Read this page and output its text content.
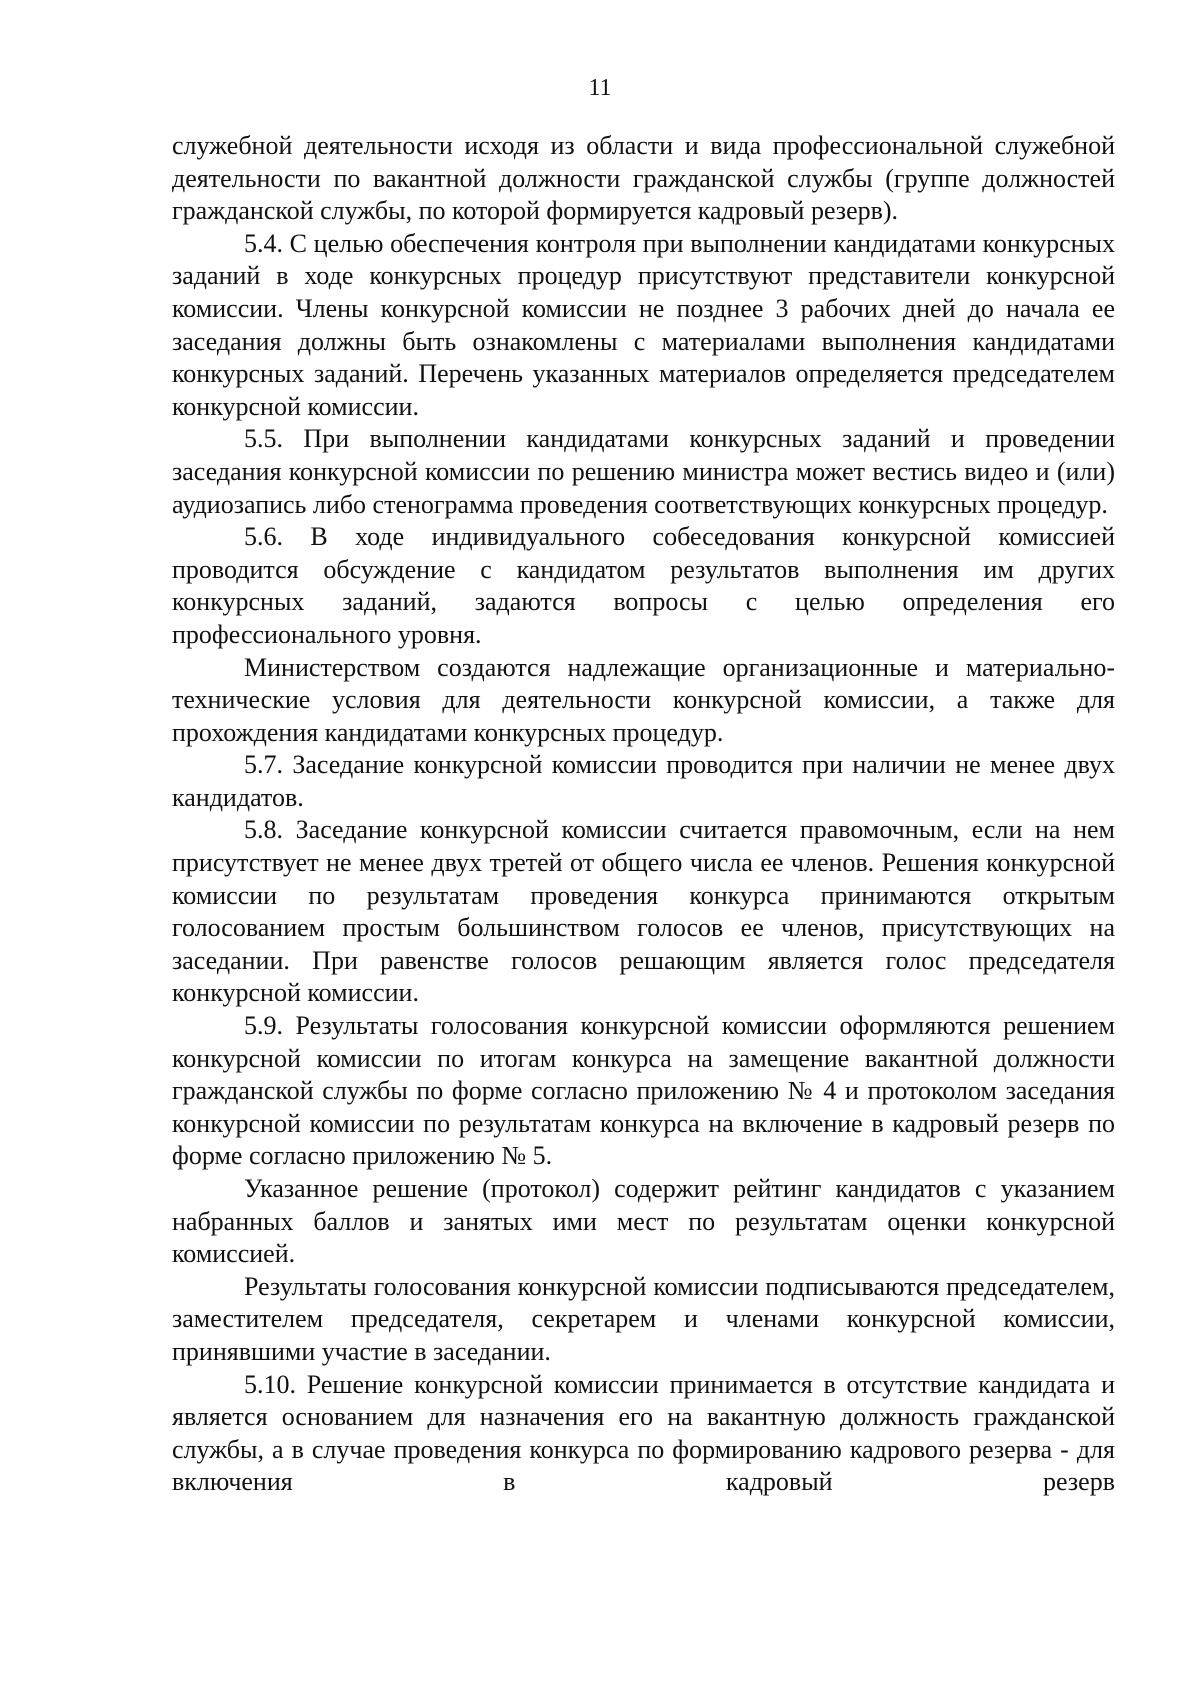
11

служебной деятельности исходя из области и вида профессиональной служебной деятельности по вакантной должности гражданской службы (группе должностей гражданской службы, по которой формируется кадровый резерв).

5.4. С целью обеспечения контроля при выполнении кандидатами конкурсных заданий в ходе конкурсных процедур присутствуют представители конкурсной комиссии. Члены конкурсной комиссии не позднее 3 рабочих дней до начала ее заседания должны быть ознакомлены с материалами выполнения кандидатами конкурсных заданий. Перечень указанных материалов определяется председателем конкурсной комиссии.

5.5. При выполнении кандидатами конкурсных заданий и проведении заседания конкурсной комиссии по решению министра может вестись видео и (или) аудиозапись либо стенограмма проведения соответствующих конкурсных процедур.

5.6. В ходе индивидуального собеседования конкурсной комиссией проводится обсуждение с кандидатом результатов выполнения им других конкурсных заданий, задаются вопросы с целью определения его профессионального уровня.

Министерством создаются надлежащие организационные и материально-технические условия для деятельности конкурсной комиссии, а также для прохождения кандидатами конкурсных процедур.

5.7. Заседание конкурсной комиссии проводится при наличии не менее двух кандидатов.

5.8. Заседание конкурсной комиссии считается правомочным, если на нем присутствует не менее двух третей от общего числа ее членов. Решения конкурсной комиссии по результатам проведения конкурса принимаются открытым голосованием простым большинством голосов ее членов, присутствующих на заседании. При равенстве голосов решающим является голос председателя конкурсной комиссии.

5.9. Результаты голосования конкурсной комиссии оформляются решением конкурсной комиссии по итогам конкурса на замещение вакантной должности гражданской службы по форме согласно приложению № 4 и протоколом заседания конкурсной комиссии по результатам конкурса на включение в кадровый резерв по форме согласно приложению № 5.

Указанное решение (протокол) содержит рейтинг кандидатов с указанием набранных баллов и занятых ими мест по результатам оценки конкурсной комиссией.

Результаты голосования конкурсной комиссии подписываются председателем, заместителем председателя, секретарем и членами конкурсной комиссии, принявшими участие в заседании.

5.10. Решение конкурсной комиссии принимается в отсутствие кандидата и является основанием для назначения его на вакантную должность гражданской службы, а в случае проведения конкурса по формированию кадрового резерва - для включения в кадровый резерв
